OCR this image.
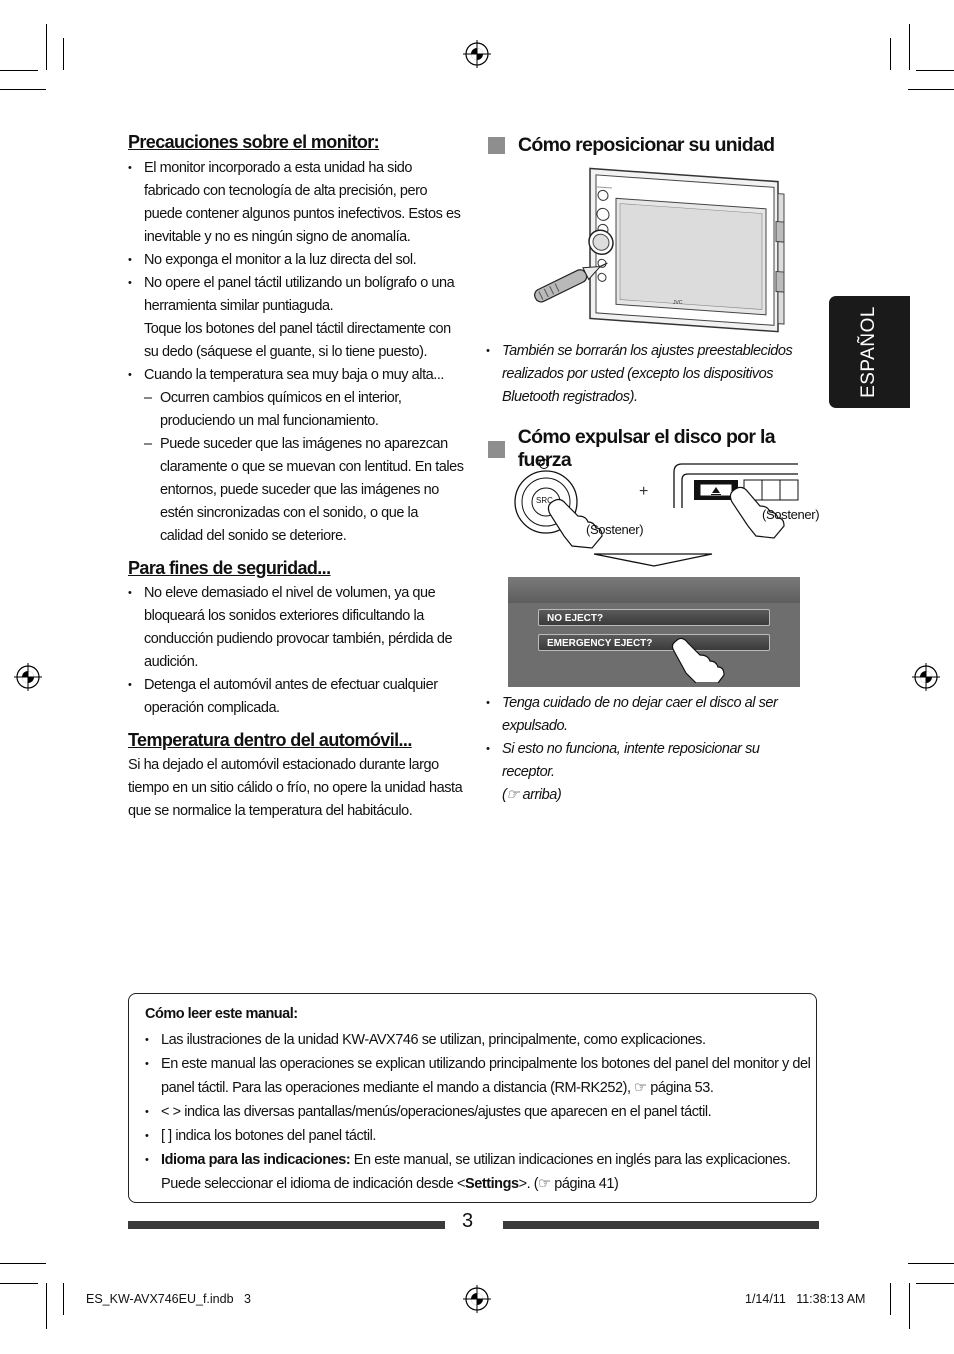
Precauciones sobre el monitor:
• El monitor incorporado a esta unidad ha sido fabricado con tecnología de alta precisión, pero puede contener algunos puntos inefectivos. Estos es inevitable y no es ningún signo de anomalía.
• No exponga el monitor a la luz directa del sol.
• No opere el panel táctil utilizando un bolígrafo o una herramienta similar puntiaguda.
Toque los botones del panel táctil directamente con su dedo (sáquese el guante, si lo tiene puesto).
• Cuando la temperatura sea muy baja o muy alta...
– Ocurren cambios químicos en el interior, produciendo un mal funcionamiento.
– Puede suceder que las imágenes no aparezcan claramente o que se muevan con lentitud. En tales entornos, puede suceder que las imágenes no estén sincronizadas con el sonido, o que la calidad del sonido se deteriore.
Para fines de seguridad...
• No eleve demasiado el nivel de volumen, ya que bloqueará los sonidos exteriores dificultando la conducción pudiendo provocar también, pérdida de audición.
• Detenga el automóvil antes de efectuar cualquier operación complicada.
Temperatura dentro del automóvil...
Si ha dejado el automóvil estacionado durante largo tiempo en un sitio cálido o frío, no opere la unidad hasta que se normalice la temperatura del habitáculo.
Cómo reposicionar su unidad
JVC
• También se borrarán los ajustes preestablecidos realizados por usted (excepto los dispositivos Bluetooth registrados).
Cómo expulsar el disco por la fuerza
SRC
+
(Sostener)
(Sostener)
NO EJECT?
EMERGENCY EJECT?
• Tenga cuidado de no dejar caer el disco al ser expulsado.
• Si esto no funciona, intente reposicionar su receptor.
(☞ arriba)
ESPAÑOL
Cómo leer este manual:
• Las ilustraciones de la unidad KW-AVX746 se utilizan, principalmente, como explicaciones.
• En este manual las operaciones se explican utilizando principalmente los botones del panel del monitor y del
panel táctil. Para las operaciones mediante el mando a distancia (RM-RK252), ☞ página 53.
• < > indica las diversas pantallas/menús/operaciones/ajustes que aparecen en el panel táctil.
• [ ] indica los botones del panel táctil.
• Idioma para las indicaciones: En este manual, se utilizan indicaciones en inglés para las explicaciones.
Puede seleccionar el idioma de indicación desde <Settings>. (☞ página 41)
3
ES_KW-AVX746EU_f.indb   3	1/14/11   11:38:13 AM
